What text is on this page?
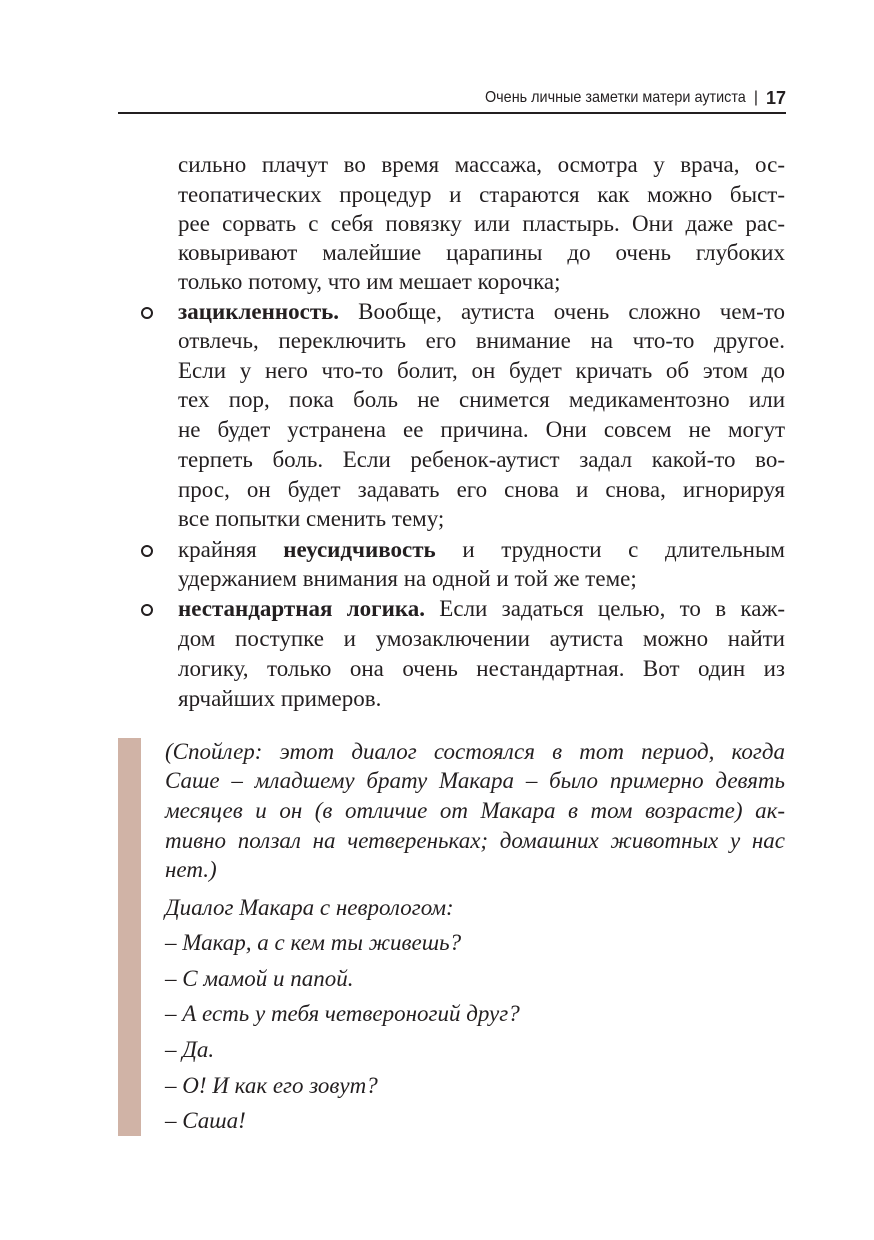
Очень личные заметки матери аутиста | 17
сильно плачут во время массажа, осмотра у врача, ос-
теопатических процедур и стараются как можно быст-
рее сорвать с себя повязку или пластырь. Они даже рас-
ковыривают малейшие царапины до очень глубоких
только потому, что им мешает корочка;
зацикленность. Вообще, аутиста очень сложно чем-то
отвлечь, переключить его внимание на что-то другое.
Если у него что-то болит, он будет кричать об этом до
тех пор, пока боль не снимется медикаментозно или
не будет устранена ее причина. Они совсем не могут
терпеть боль. Если ребенок-аутист задал какой-то во-
прос, он будет задавать его снова и снова, игнорируя
все попытки сменить тему;
крайняя неусидчивость и трудности с длительным
удержанием внимания на одной и той же теме;
нестандартная логика. Если задаться целью, то в каж-
дом поступке и умозаключении аутиста можно найти
логику, только она очень нестандартная. Вот один из
ярчайших примеров.
(Спойлер: этот диалог состоялся в тот период, когда
Саше – младшему брату Макара – было примерно девять
месяцев и он (в отличие от Макара в том возрасте) ак-
тивно ползал на четвереньках; домашних животных у нас
нет.)
Диалог Макара с неврологом:
– Макар, а с кем ты живешь?
– С мамой и папой.
– А есть у тебя четвероногий друг?
– Да.
– О! И как его зовут?
– Саша!
